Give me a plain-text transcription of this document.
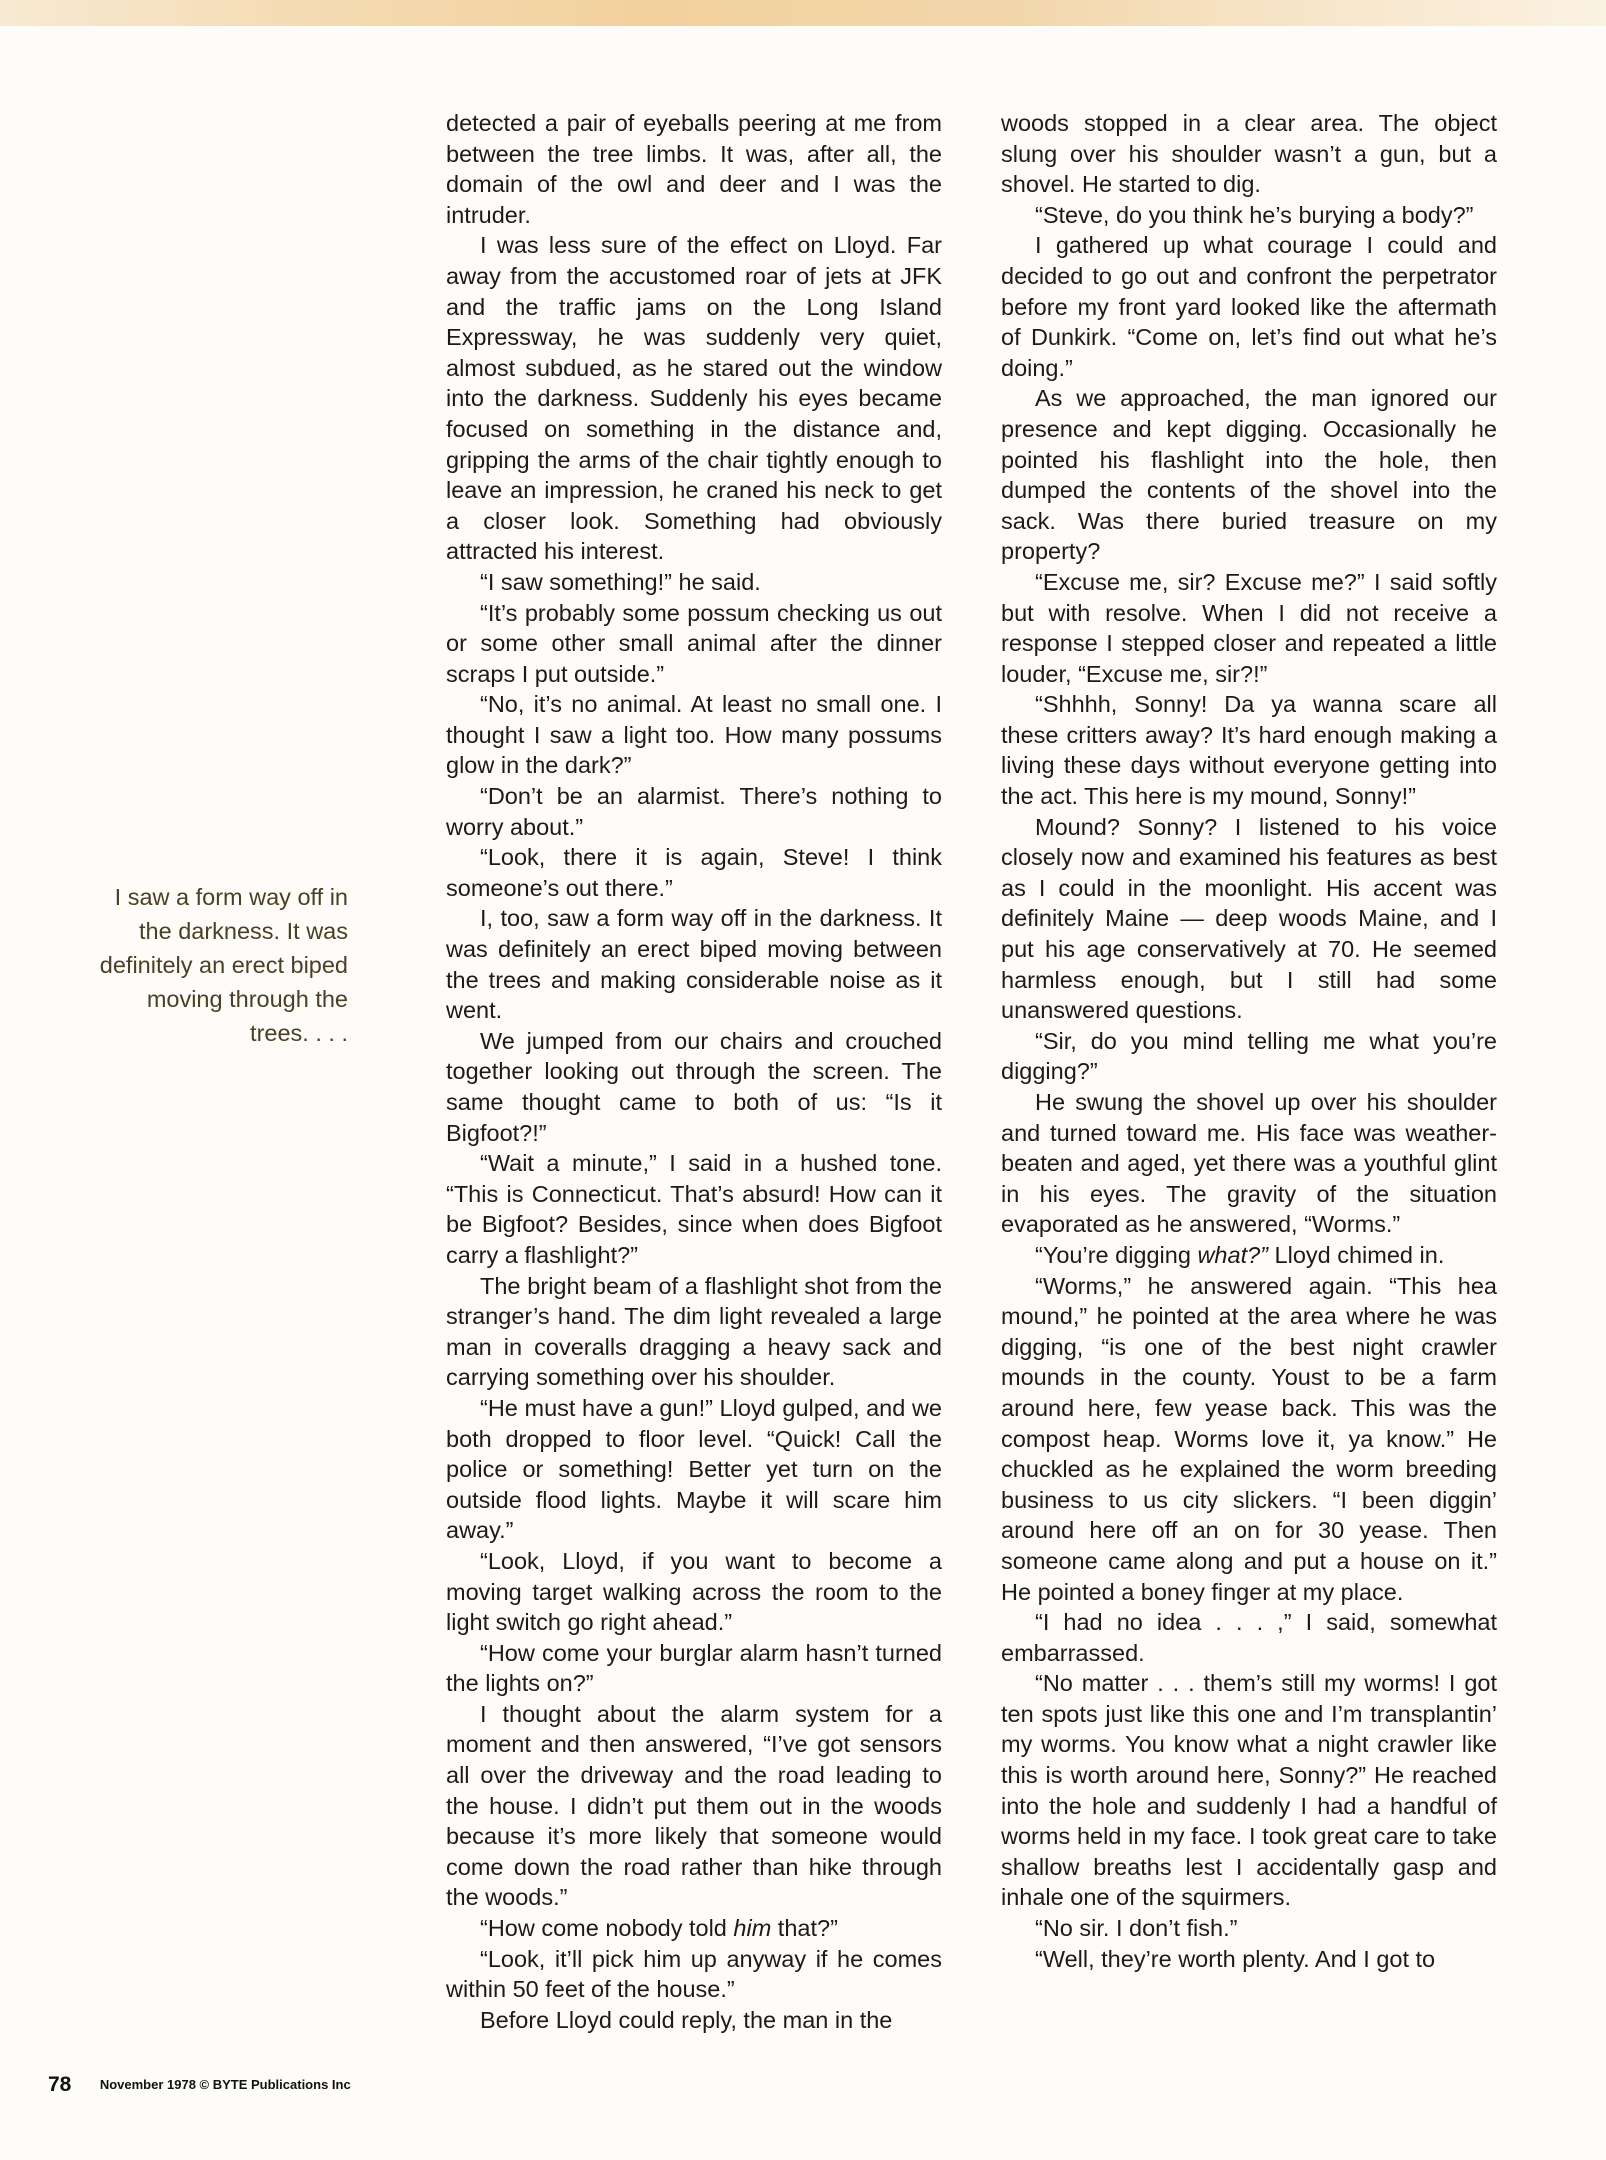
I saw a form way off in
the darkness. It was
definitely an erect biped
moving through the
trees. . . .

detected a pair of eyeballs peering at me from between the tree limbs. It was, after all, the domain of the owl and deer and I was the intruder.

I was less sure of the effect on Lloyd. Far away from the accustomed roar of jets at JFK and the traffic jams on the Long Island Expressway, he was suddenly very quiet, almost subdued, as he stared out the window into the darkness. Suddenly his eyes became focused on something in the distance and, gripping the arms of the chair tightly enough to leave an impression, he craned his neck to get a closer look. Something had obviously attracted his interest.

“I saw something!” he said.

“It’s probably some possum checking us out or some other small animal after the dinner scraps I put outside.”

“No, it’s no animal. At least no small one. I thought I saw a light too. How many possums glow in the dark?”

“Don’t be an alarmist. There’s nothing to worry about.”

“Look, there it is again, Steve! I think someone’s out there.”

I, too, saw a form way off in the darkness. It was definitely an erect biped moving between the trees and making considerable noise as it went.

We jumped from our chairs and crouched together looking out through the screen. The same thought came to both of us: “Is it Bigfoot?!”

“Wait a minute,” I said in a hushed tone. “This is Connecticut. That’s absurd! How can it be Bigfoot? Besides, since when does Bigfoot carry a flashlight?”

The bright beam of a flashlight shot from the stranger’s hand. The dim light revealed a large man in coveralls dragging a heavy sack and carrying something over his shoulder.

“He must have a gun!” Lloyd gulped, and we both dropped to floor level. “Quick! Call the police or something! Better yet turn on the outside flood lights. Maybe it will scare him away.”

“Look, Lloyd, if you want to become a moving target walking across the room to the light switch go right ahead.”

“How come your burglar alarm hasn’t turned the lights on?”

I thought about the alarm system for a moment and then answered, “I’ve got sensors all over the driveway and the road leading to the house. I didn’t put them out in the woods because it’s more likely that someone would come down the road rather than hike through the woods.”

“How come nobody told him that?”

“Look, it’ll pick him up anyway if he comes within 50 feet of the house.”

Before Lloyd could reply, the man in the

woods stopped in a clear area. The object slung over his shoulder wasn’t a gun, but a shovel. He started to dig.

“Steve, do you think he’s burying a body?”

I gathered up what courage I could and decided to go out and confront the perpetrator before my front yard looked like the aftermath of Dunkirk. “Come on, let’s find out what he’s doing.”

As we approached, the man ignored our presence and kept digging. Occasionally he pointed his flashlight into the hole, then dumped the contents of the shovel into the sack. Was there buried treasure on my property?

“Excuse me, sir? Excuse me?” I said softly but with resolve. When I did not receive a response I stepped closer and repeated a little louder, “Excuse me, sir?!”

“Shhhh, Sonny! Da ya wanna scare all these critters away? It’s hard enough making a living these days without everyone getting into the act. This here is my mound, Sonny!”

Mound? Sonny? I listened to his voice closely now and examined his features as best as I could in the moonlight. His accent was definitely Maine — deep woods Maine, and I put his age conservatively at 70. He seemed harmless enough, but I still had some unanswered questions.

“Sir, do you mind telling me what you’re digging?”

He swung the shovel up over his shoulder and turned toward me. His face was weather-beaten and aged, yet there was a youthful glint in his eyes. The gravity of the situation evaporated as he answered, “Worms.”

“You’re digging what?” Lloyd chimed in.

“Worms,” he answered again. “This hea mound,” he pointed at the area where he was digging, “is one of the best night crawler mounds in the county. Youst to be a farm around here, few yease back. This was the compost heap. Worms love it, ya know.” He chuckled as he explained the worm breeding business to us city slickers. “I been diggin’ around here off an on for 30 yease. Then someone came along and put a house on it.” He pointed a boney finger at my place.

“I had no idea . . . ,” I said, somewhat embarrassed.

“No matter . . . them’s still my worms! I got ten spots just like this one and I’m transplantin’ my worms. You know what a night crawler like this is worth around here, Sonny?” He reached into the hole and suddenly I had a handful of worms held in my face. I took great care to take shallow breaths lest I accidentally gasp and inhale one of the squirmers.

“No sir. I don’t fish.”

“Well, they’re worth plenty. And I got to

78 November 1978 © BYTE Publications Inc
